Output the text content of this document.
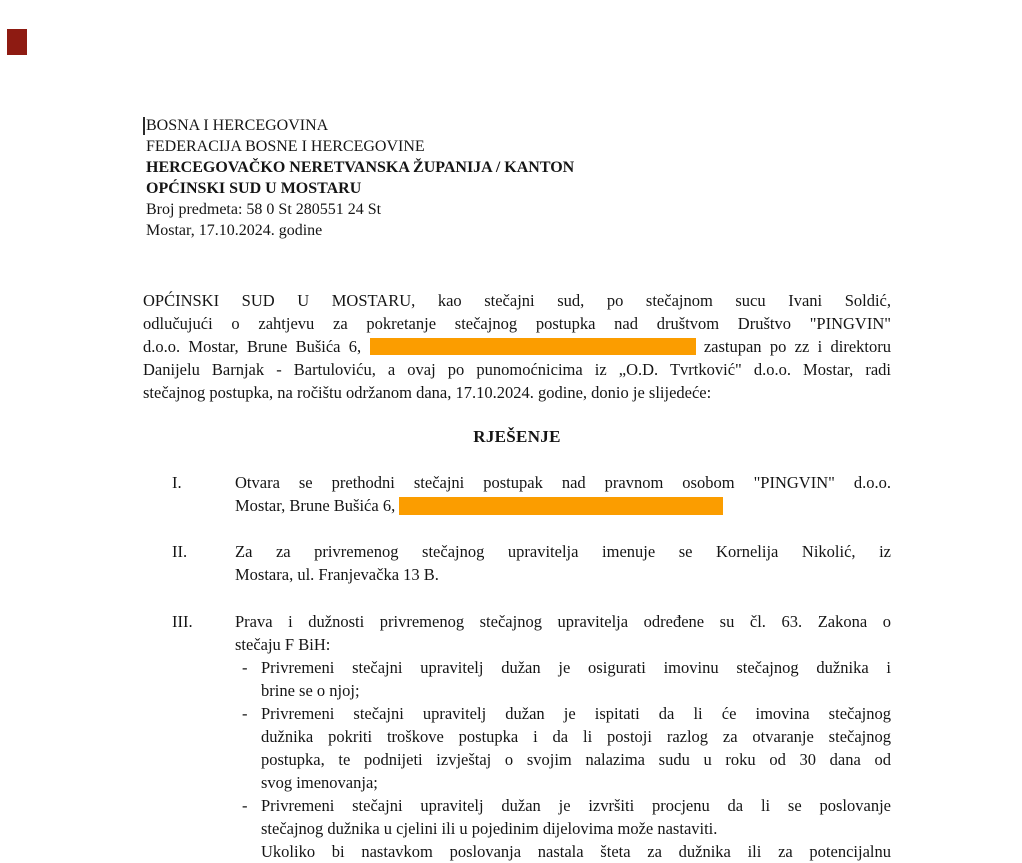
BOSNA I HERCEGOVINA
FEDERACIJA BOSNE I HERCEGOVINE
HERCEGOVAČKO NERETVANSKA ŽUPANIJA / KANTON
OPĆINSKI SUD U MOSTARU
Broj predmeta: 58 0 St 280551 24 St
Mostar, 17.10.2024. godine
OPĆINSKI SUD U MOSTARU, kao stečajni sud, po stečajnom sucu Ivani Soldić,
odlučujući o zahtjevu za pokretanje stečajnog postupka nad društvom Društvo "PINGVIN"
d.o.o. Mostar, Brune Bušića 6,	zastupan po zz i direktoru
Danijelu Barnjak - Bartuloviću, a ovaj po punomoćnicima iz „O.D. Tvrtković" d.o.o. Mostar, radi
stečajnog postupka, na ročištu održanom dana, 17.10.2024. godine, donio je slijedeće:
RJEŠENJE
I.	Otvara se prethodni stečajni postupak nad pravnom osobom "PINGVIN" d.o.o.
Mostar, Brune Bušića 6,
II.	Za za privremenog stečajnog upravitelja imenuje se Kornelija Nikolić, iz
Mostara, ul. Franjevačka 13 B.
III.	Prava i dužnosti privremenog stečajnog upravitelja određene su čl. 63. Zakona o
stečaju F BiH:
- Privremeni stečajni upravitelj dužan je osigurati imovinu stečajnog dužnika i
brine se o njoj;
- Privremeni stečajni upravitelj dužan je ispitati da li će imovina stečajnog
dužnika pokriti troškove postupka i da li postoji razlog za otvaranje stečajnog
postupka, te podnijeti izvještaj o svojim nalazima sudu u roku od 30 dana od
svog imenovanja;
- Privremeni stečajni upravitelj dužan je izvršiti procjenu da li se poslovanje
stečajnog dužnika u cjelini ili u pojedinim dijelovima može nastaviti.
Ukoliko bi nastavkom poslovanja nastala šteta za dužnika ili za potencijalnu
